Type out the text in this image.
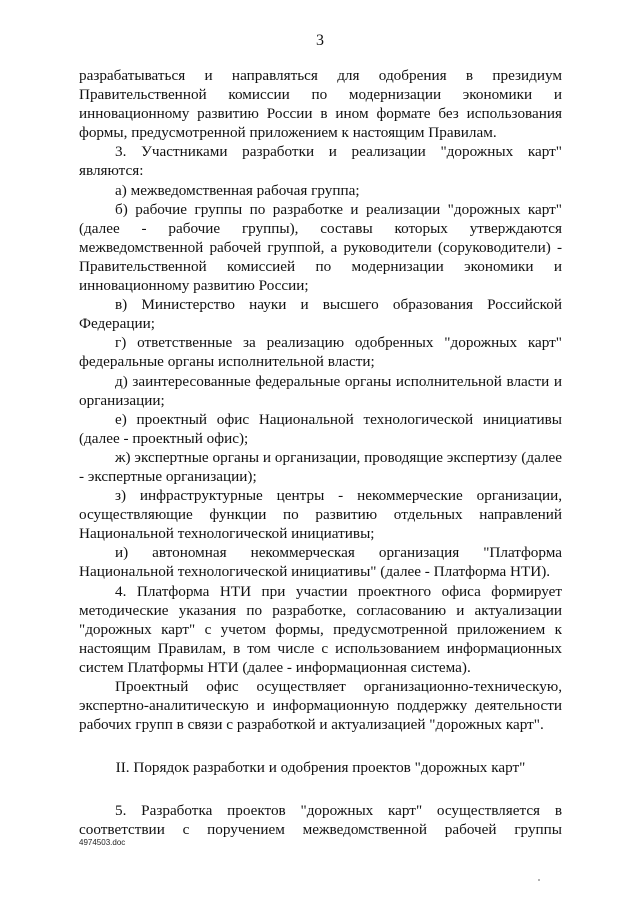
3

разрабатываться и направляться для одобрения в президиум Правительственной комиссии по модернизации экономики и инновационному развитию России в ином формате без использования формы, предусмотренной приложением к настоящим Правилам.

3. Участниками разработки и реализации "дорожных карт" являются:

а) межведомственная рабочая группа;

б) рабочие группы по разработке и реализации "дорожных карт" (далее - рабочие группы), составы которых утверждаются межведомственной рабочей группой, а руководители (соруководители) - Правительственной комиссией по модернизации экономики и инновационному развитию России;

в) Министерство науки и высшего образования Российской Федерации;

г) ответственные за реализацию одобренных "дорожных карт" федеральные органы исполнительной власти;

д) заинтересованные федеральные органы исполнительной власти и организации;

е) проектный офис Национальной технологической инициативы (далее - проектный офис);

ж) экспертные органы и организации, проводящие экспертизу (далее - экспертные организации);

з) инфраструктурные центры - некоммерческие организации, осуществляющие функции по развитию отдельных направлений Национальной технологической инициативы;

и) автономная некоммерческая организация "Платформа Национальной технологической инициативы" (далее - Платформа НТИ).

4. Платформа НТИ при участии проектного офиса формирует методические указания по разработке, согласованию и актуализации "дорожных карт" с учетом формы, предусмотренной приложением к настоящим Правилам, в том числе с использованием информационных систем Платформы НТИ (далее - информационная система).

Проектный офис осуществляет организационно-техническую, экспертно-аналитическую и информационную поддержку деятельности рабочих групп в связи с разработкой и актуализацией "дорожных карт".

II. Порядок разработки и одобрения проектов "дорожных карт"

5. Разработка проектов "дорожных карт" осуществляется в соответствии с поручением межведомственной рабочей группы

4974503.doc
